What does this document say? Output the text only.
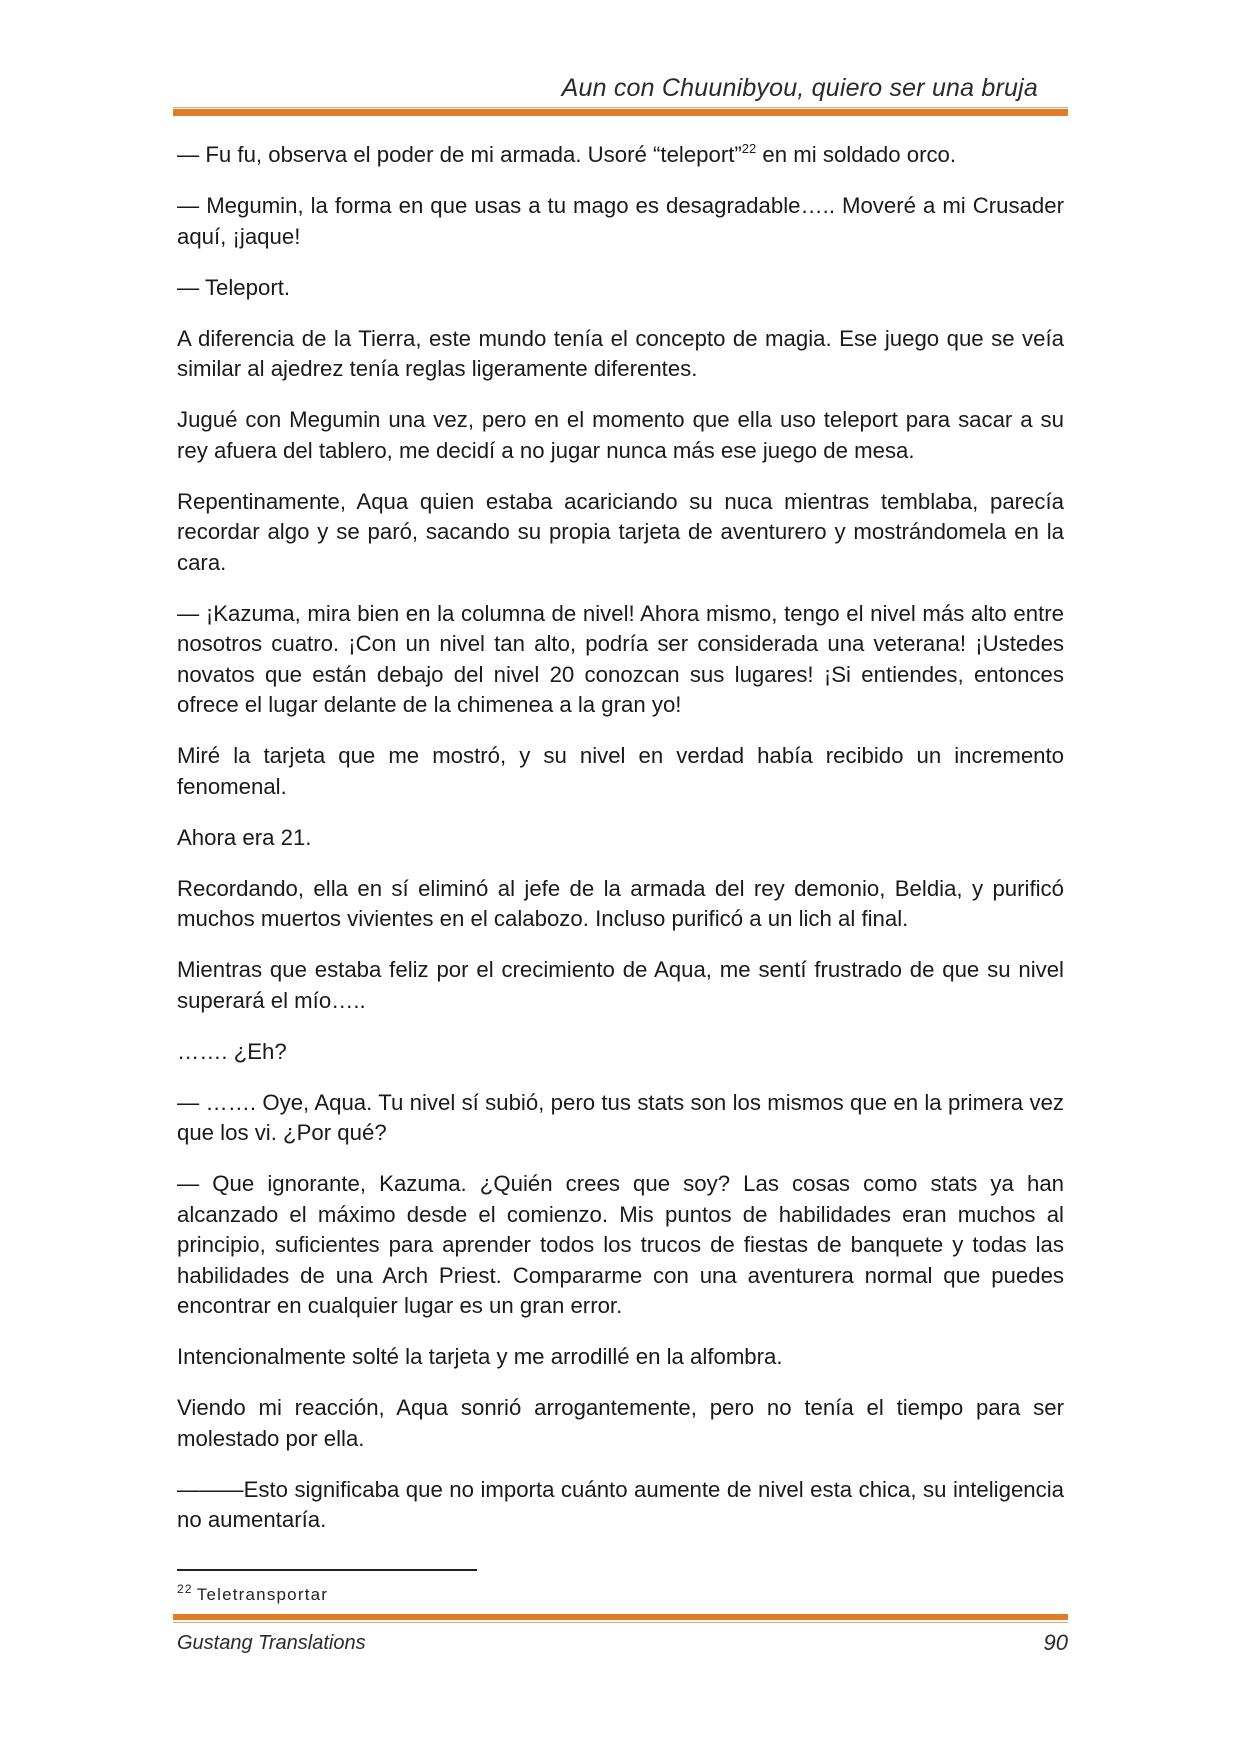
Aun con Chuunibyou, quiero ser una bruja

— Fu fu, observa el poder de mi armada. Usoré “teleport”$^{22}$ en mi soldado orco.

— Megumin, la forma en que usas a tu mago es desagradable….. Moveré a mi Crusader aquí, ¡jaque!

— Teleport.

A diferencia de la Tierra, este mundo tenía el concepto de magia. Ese juego que se veía similar al ajedrez tenía reglas ligeramente diferentes.

Jugué con Megumin una vez, pero en el momento que ella uso teleport para sacar a su rey afuera del tablero, me decidí a no jugar nunca más ese juego de mesa.

Repentinamente, Aqua quien estaba acariciando su nuca mientras temblaba, parecía recordar algo y se paró, sacando su propia tarjeta de aventurero y mostrándomela en la cara.

— ¡Kazuma, mira bien en la columna de nivel! Ahora mismo, tengo el nivel más alto entre nosotros cuatro. ¡Con un nivel tan alto, podría ser considerada una veterana! ¡Ustedes novatos que están debajo del nivel 20 conozcan sus lugares! ¡Si entiendes, entonces ofrece el lugar delante de la chimenea a la gran yo!

Miré la tarjeta que me mostró, y su nivel en verdad había recibido un incremento fenomenal.

Ahora era 21.

Recordando, ella en sí eliminó al jefe de la armada del rey demonio, Beldia, y purificó muchos muertos vivientes en el calabozo. Incluso purificó a un lich al final.

Mientras que estaba feliz por el crecimiento de Aqua, me sentí frustrado de que su nivel superará el mío…..

……. ¿Eh?

— ……. Oye, Aqua. Tu nivel sí subió, pero tus stats son los mismos que en la primera vez que los vi. ¿Por qué?

— Que ignorante, Kazuma. ¿Quién crees que soy? Las cosas como stats ya han alcanzado el máximo desde el comienzo. Mis puntos de habilidades eran muchos al principio, suficientes para aprender todos los trucos de fiestas de banquete y todas las habilidades de una Arch Priest. Compararme con una aventurera normal que puedes encontrar en cualquier lugar es un gran error.

Intencionalmente solté la tarjeta y me arrodillé en la alfombra.

Viendo mi reacción, Aqua sonrió arrogantemente, pero no tenía el tiempo para ser molestado por ella.

———Esto significaba que no importa cuánto aumente de nivel esta chica, su inteligencia no aumentaría.

$^{22}$ Teletransportar
Gustang Translations	90
